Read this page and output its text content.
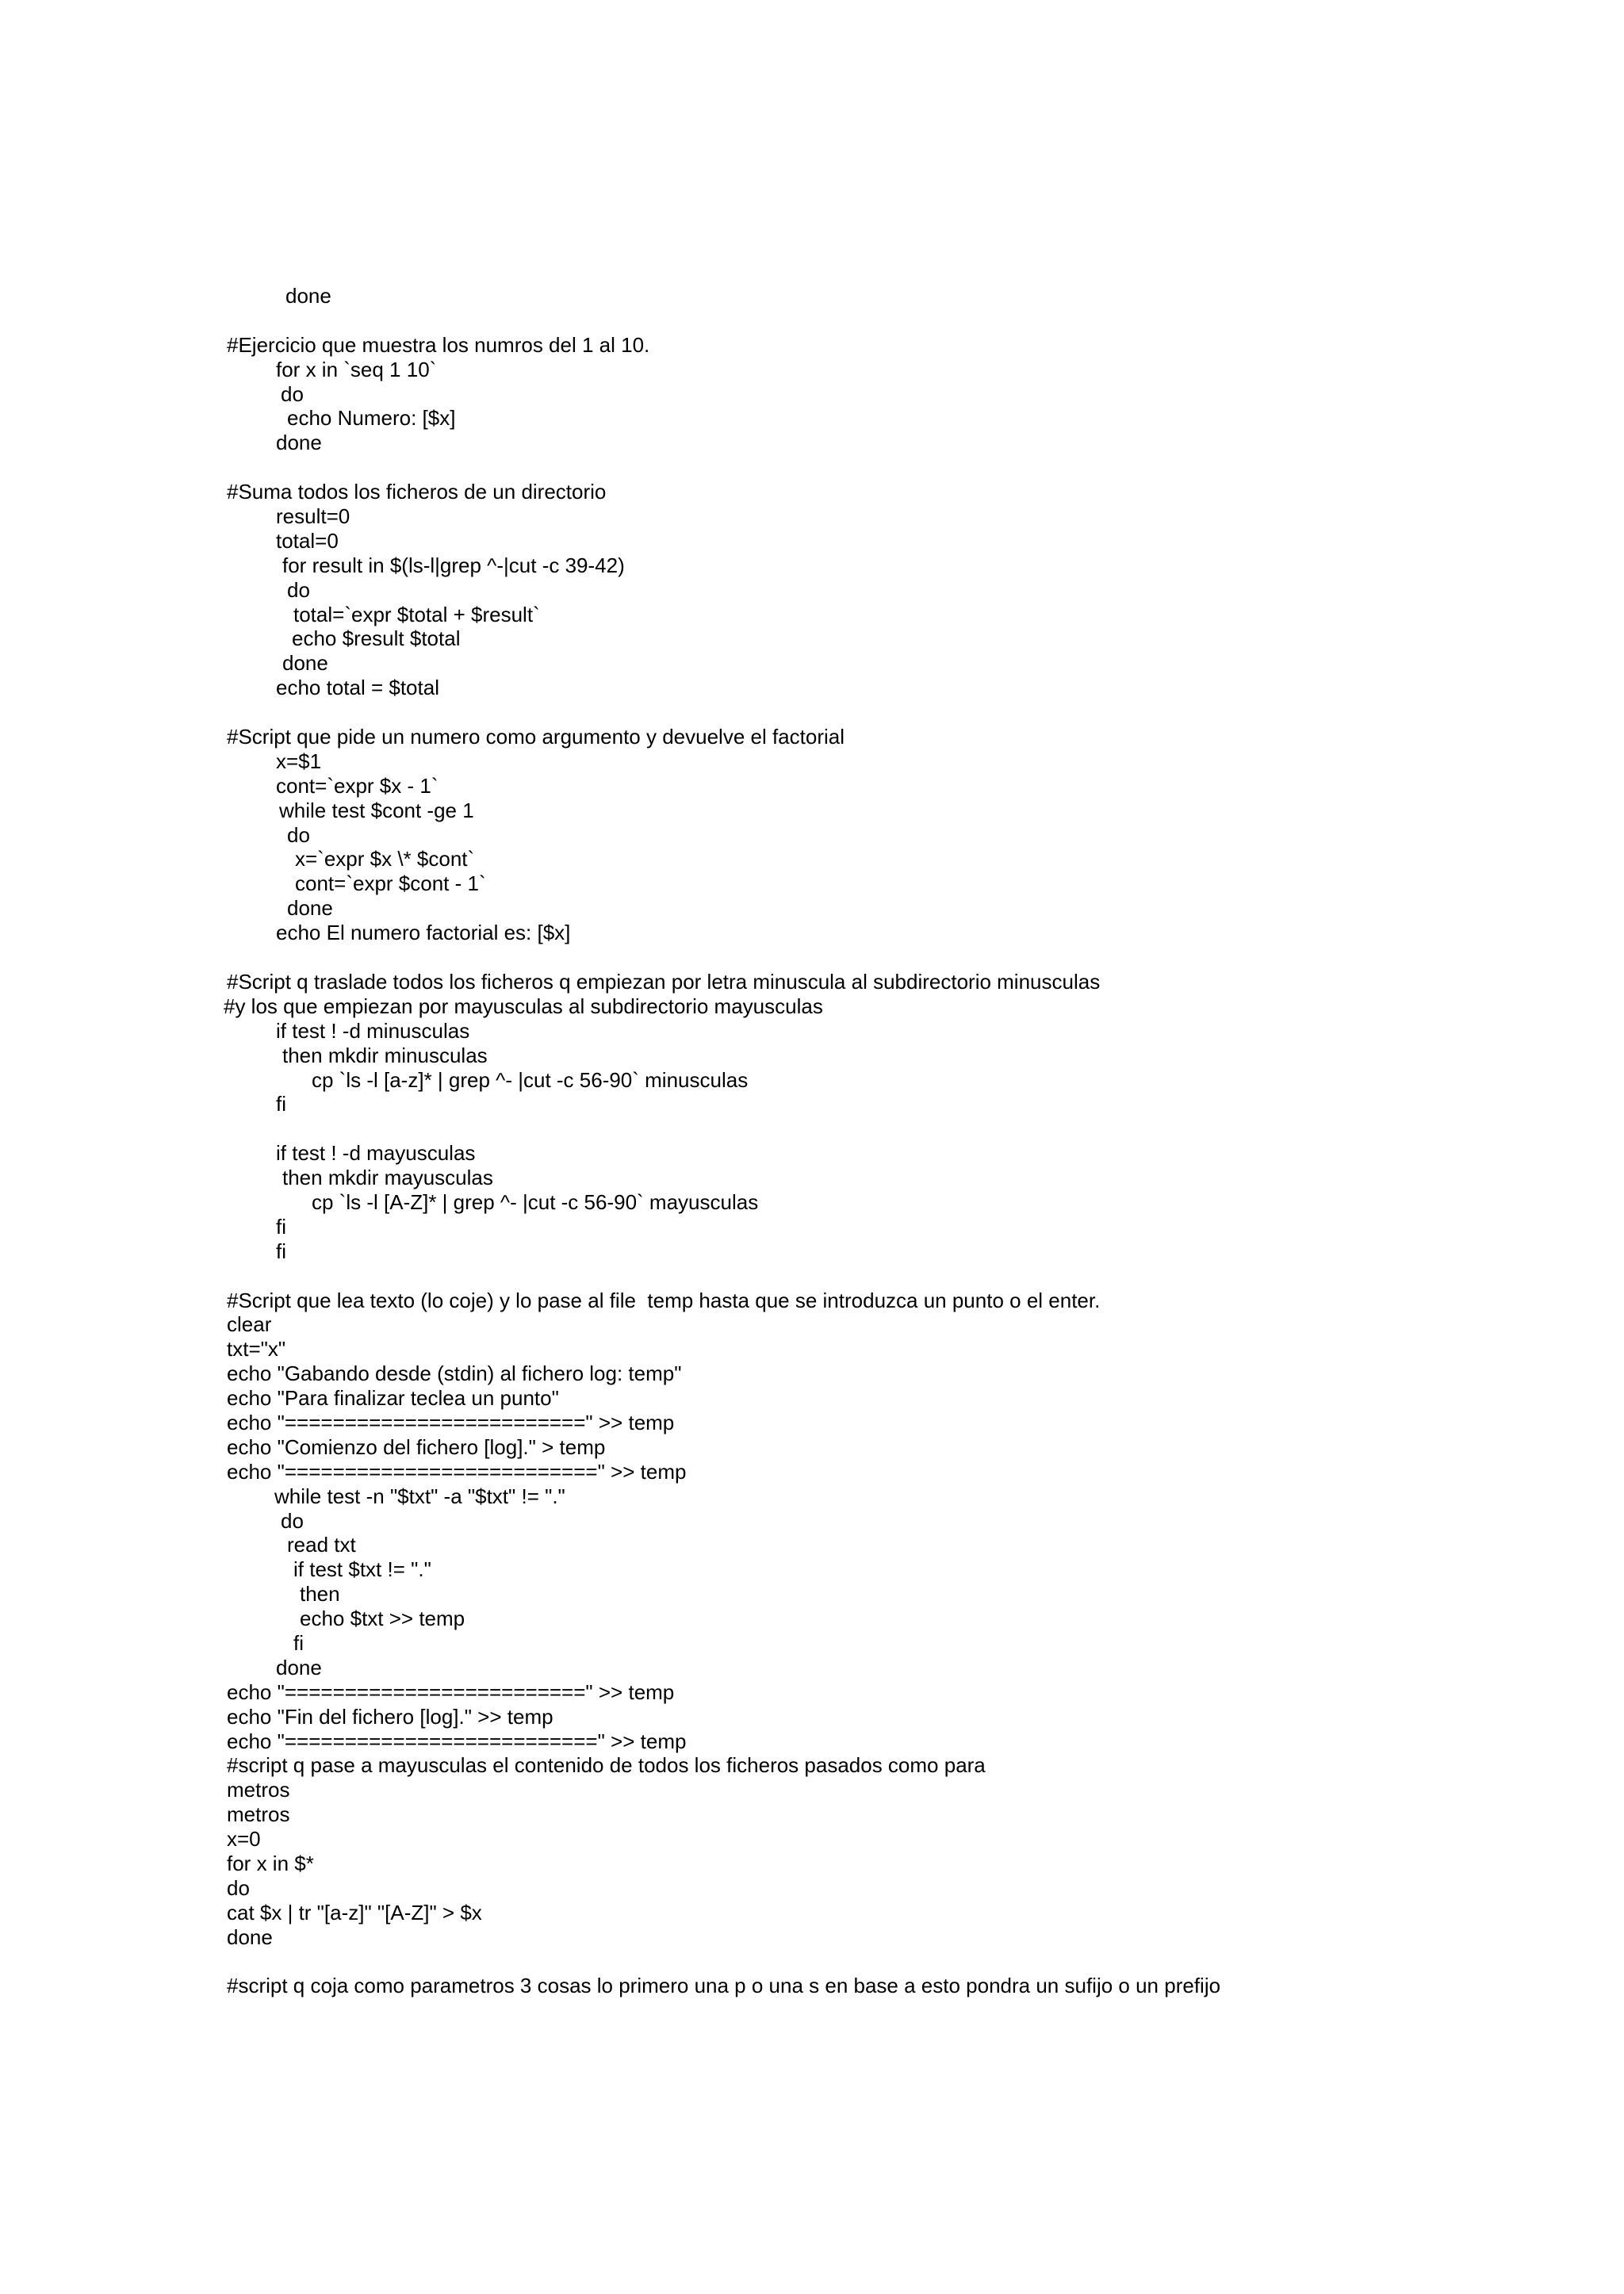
done
#Ejercicio que muestra los numros del 1 al 10.
for x in `seq 1 10`
do
echo Numero: [$x]
done
#Suma todos los ficheros de un directorio
result=0
total=0
for result in $(ls-l|grep ^-|cut -c 39-42)
do
total=`expr $total + $result`
echo $result $total
done
echo total = $total
#Script que pide un numero como argumento y devuelve el factorial
x=$1
cont=`expr $x - 1`
while test $cont -ge 1
do
x=`expr $x \* $cont`
cont=`expr $cont - 1`
done
echo El numero factorial es: [$x]
#Script q traslade todos los ficheros q empiezan por letra minuscula al subdirectorio minusculas
#y los que empiezan por mayusculas al subdirectorio mayusculas
if test ! -d minusculas
then mkdir minusculas
cp `ls -l [a-z]* | grep ^- |cut -c 56-90` minusculas
fi
if test ! -d mayusculas
then mkdir mayusculas
cp `ls -l [A-Z]* | grep ^- |cut -c 56-90` mayusculas
fi
fi
#Script que lea texto (lo coje) y lo pase al file  temp hasta que se introduzca un punto o el enter.
clear
txt="x"
echo "Gabando desde (stdin) al fichero log: temp"
echo "Para finalizar teclea un punto"
echo "=========================" >> temp
echo "Comienzo del fichero [log]." > temp
echo "==========================" >> temp
while test -n "$txt" -a "$txt" != "."
do
read txt
if test $txt != "."
then
echo $txt >> temp
fi
done
echo "=========================" >> temp
echo "Fin del fichero [log]." >> temp
echo "==========================" >> temp
#script q pase a mayusculas el contenido de todos los ficheros pasados como para
metros
metros
x=0
for x in $*
do
cat $x | tr "[a-z]" "[A-Z]" > $x
done
#script q coja como parametros 3 cosas lo primero una p o una s en base a esto pondra un sufijo o un prefijo
